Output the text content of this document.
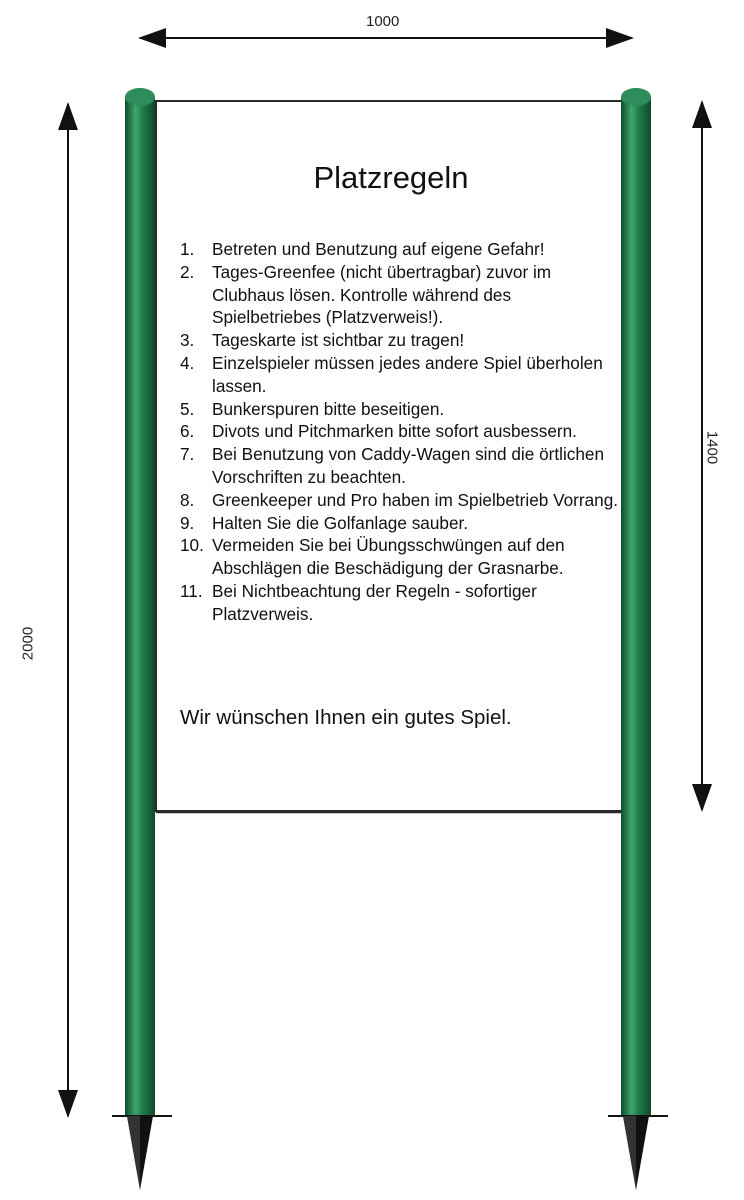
1000
2000
1400
Platzregeln
1. Betreten und Benutzung auf eigene Gefahr!
2. Tages-Greenfee (nicht übertragbar) zuvor im Clubhaus lösen. Kontrolle während des Spielbetriebes (Platzverweis!).
3. Tageskarte ist sichtbar zu tragen!
4. Einzelspieler müssen jedes andere Spiel überholen lassen.
5. Bunkerspuren bitte beseitigen.
6. Divots und Pitchmarken bitte sofort ausbessern.
7. Bei Benutzung von Caddy-Wagen sind die örtlichen Vorschriften zu beachten.
8. Greenkeeper und Pro haben im Spielbetrieb Vorrang.
9. Halten Sie die Golfanlage sauber.
10. Vermeiden Sie bei Übungsschwüngen auf den Abschlägen die Beschädigung der Grasnarbe.
11. Bei Nichtbeachtung der Regeln - sofortiger Platzverweis.
Wir wünschen Ihnen ein gutes Spiel.
